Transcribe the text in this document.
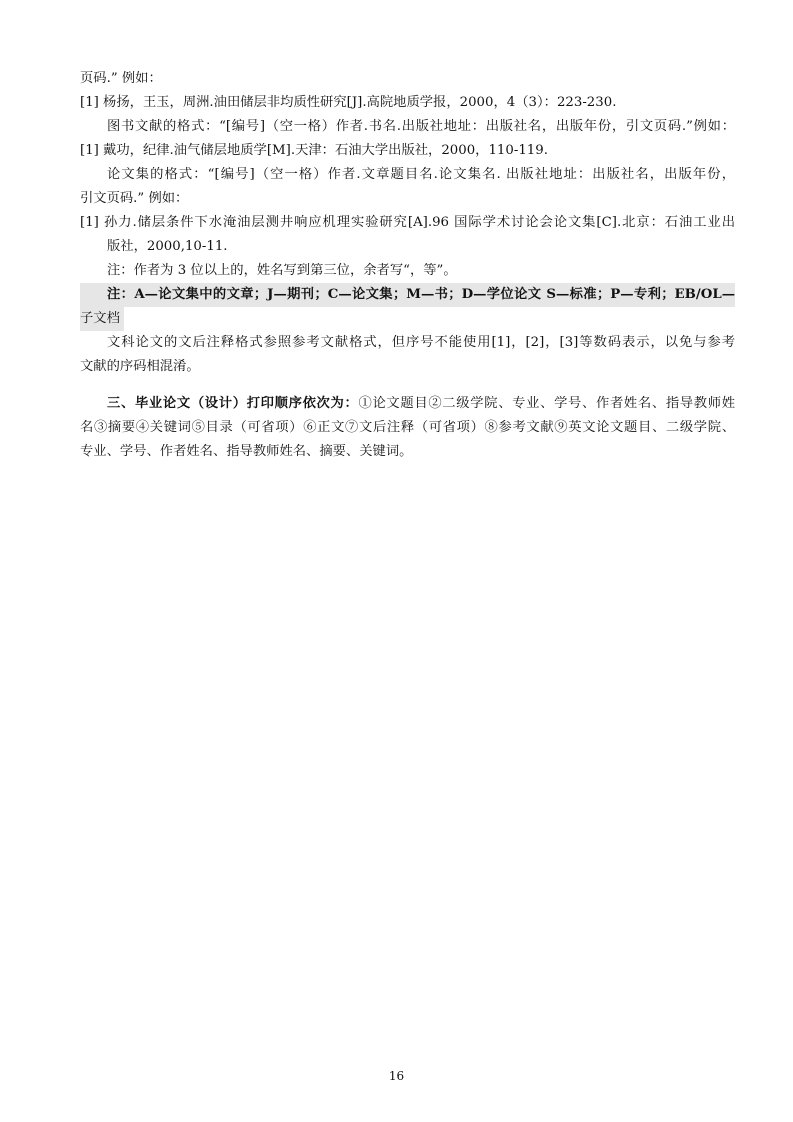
页码.” 例如：
[1] 杨扬，王玉，周洲.油田储层非均质性研究[J].高院地质学报，2000，4（3）：223-230.
图书文献的格式：“[编号]（空一格）作者.书名.出版社地址：出版社名，出版年份，引文页码.”例如：
[1] 戴功，纪律.油气储层地质学[M].天津：石油大学出版社，2000，110-119.
论文集的格式：“[编号]（空一格）作者.文章题目名.论文集名. 出版社地址：出版社名，出版年份，
引文页码.” 例如：
[1] 孙力.储层条件下水淹油层测井响应机理实验研究[A].96 国际学术讨论会论文集[C].北京：石油工业出
版社，2000,10-11.
注：作者为 3 位以上的，姓名写到第三位，余者写“，等”。
注：A—论文集中的文章；J—期刊；C—论文集；M—书；D—学位论文 S—标准；P—专利；EB/OL—
子文档
文科论文的文后注释格式参照参考文献格式，但序号不能使用[1]，[2]，[3]等数码表示，以免与参考
文献的序码相混淆。
三、毕业论文（设计）打印顺序依次为：①论文题目②二级学院、专业、学号、作者姓名、指导教师姓
名③摘要④关键词⑤目录（可省项）⑥正文⑦文后注释（可省项）⑧参考文献⑨英文论文题目、二级学院、
专业、学号、作者姓名、指导教师姓名、摘要、关键词。
16
